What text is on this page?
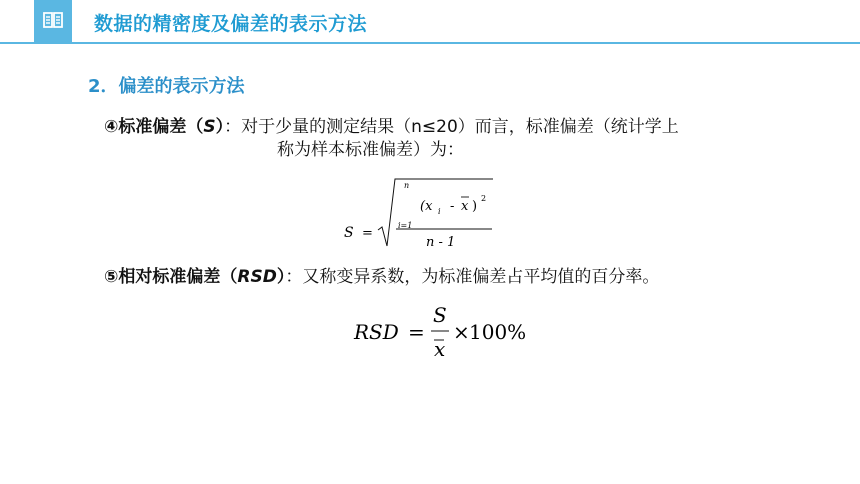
数据的精密度及偏差的表示方法
2．偏差的表示方法
④标准偏差（S）：对于少量的测定结果（n≤20）而言，标准偏差（统计学上
称为样本标准偏差）为：
S =
n
i=1
(x i - x )
2
n - 1
⑤相对标准偏差（RSD）：又称变异系数，为标准偏差占平均值的百分率。
RSD =
S
x
× 100%
